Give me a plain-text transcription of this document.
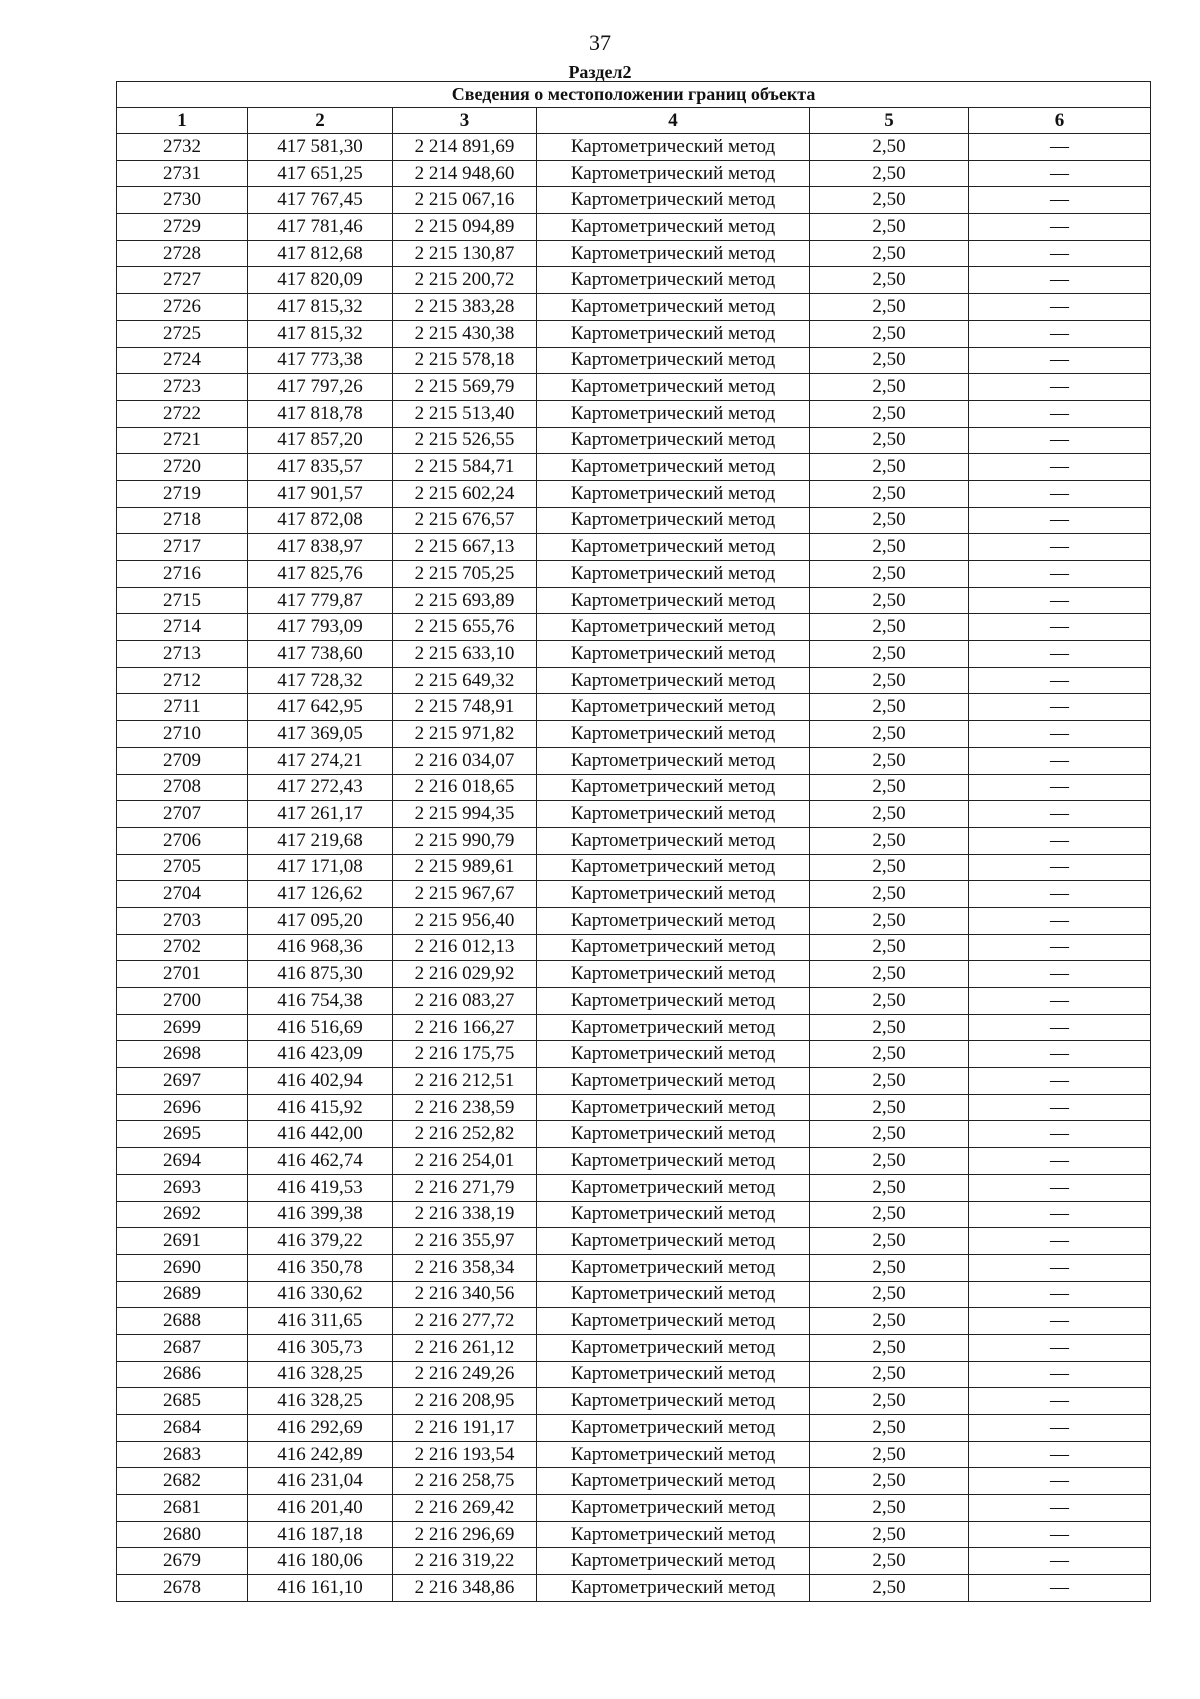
37
Раздел2
Сведения о местоположении границ объекта					
1	2	3	4	5	6
2732	417 581,30	2 214 891,69	Картометрический метод	2,50	—
2731	417 651,25	2 214 948,60	Картометрический метод	2,50	—
2730	417 767,45	2 215 067,16	Картометрический метод	2,50	—
2729	417 781,46	2 215 094,89	Картометрический метод	2,50	—
2728	417 812,68	2 215 130,87	Картометрический метод	2,50	—
2727	417 820,09	2 215 200,72	Картометрический метод	2,50	—
2726	417 815,32	2 215 383,28	Картометрический метод	2,50	—
2725	417 815,32	2 215 430,38	Картометрический метод	2,50	—
2724	417 773,38	2 215 578,18	Картометрический метод	2,50	—
2723	417 797,26	2 215 569,79	Картометрический метод	2,50	—
2722	417 818,78	2 215 513,40	Картометрический метод	2,50	—
2721	417 857,20	2 215 526,55	Картометрический метод	2,50	—
2720	417 835,57	2 215 584,71	Картометрический метод	2,50	—
2719	417 901,57	2 215 602,24	Картометрический метод	2,50	—
2718	417 872,08	2 215 676,57	Картометрический метод	2,50	—
2717	417 838,97	2 215 667,13	Картометрический метод	2,50	—
2716	417 825,76	2 215 705,25	Картометрический метод	2,50	—
2715	417 779,87	2 215 693,89	Картометрический метод	2,50	—
2714	417 793,09	2 215 655,76	Картометрический метод	2,50	—
2713	417 738,60	2 215 633,10	Картометрический метод	2,50	—
2712	417 728,32	2 215 649,32	Картометрический метод	2,50	—
2711	417 642,95	2 215 748,91	Картометрический метод	2,50	—
2710	417 369,05	2 215 971,82	Картометрический метод	2,50	—
2709	417 274,21	2 216 034,07	Картометрический метод	2,50	—
2708	417 272,43	2 216 018,65	Картометрический метод	2,50	—
2707	417 261,17	2 215 994,35	Картометрический метод	2,50	—
2706	417 219,68	2 215 990,79	Картометрический метод	2,50	—
2705	417 171,08	2 215 989,61	Картометрический метод	2,50	—
2704	417 126,62	2 215 967,67	Картометрический метод	2,50	—
2703	417 095,20	2 215 956,40	Картометрический метод	2,50	—
2702	416 968,36	2 216 012,13	Картометрический метод	2,50	—
2701	416 875,30	2 216 029,92	Картометрический метод	2,50	—
2700	416 754,38	2 216 083,27	Картометрический метод	2,50	—
2699	416 516,69	2 216 166,27	Картометрический метод	2,50	—
2698	416 423,09	2 216 175,75	Картометрический метод	2,50	—
2697	416 402,94	2 216 212,51	Картометрический метод	2,50	—
2696	416 415,92	2 216 238,59	Картометрический метод	2,50	—
2695	416 442,00	2 216 252,82	Картометрический метод	2,50	—
2694	416 462,74	2 216 254,01	Картометрический метод	2,50	—
2693	416 419,53	2 216 271,79	Картометрический метод	2,50	—
2692	416 399,38	2 216 338,19	Картометрический метод	2,50	—
2691	416 379,22	2 216 355,97	Картометрический метод	2,50	—
2690	416 350,78	2 216 358,34	Картометрический метод	2,50	—
2689	416 330,62	2 216 340,56	Картометрический метод	2,50	—
2688	416 311,65	2 216 277,72	Картометрический метод	2,50	—
2687	416 305,73	2 216 261,12	Картометрический метод	2,50	—
2686	416 328,25	2 216 249,26	Картометрический метод	2,50	—
2685	416 328,25	2 216 208,95	Картометрический метод	2,50	—
2684	416 292,69	2 216 191,17	Картометрический метод	2,50	—
2683	416 242,89	2 216 193,54	Картометрический метод	2,50	—
2682	416 231,04	2 216 258,75	Картометрический метод	2,50	—
2681	416 201,40	2 216 269,42	Картометрический метод	2,50	—
2680	416 187,18	2 216 296,69	Картометрический метод	2,50	—
2679	416 180,06	2 216 319,22	Картометрический метод	2,50	—
2678	416 161,10	2 216 348,86	Картометрический метод	2,50	—
